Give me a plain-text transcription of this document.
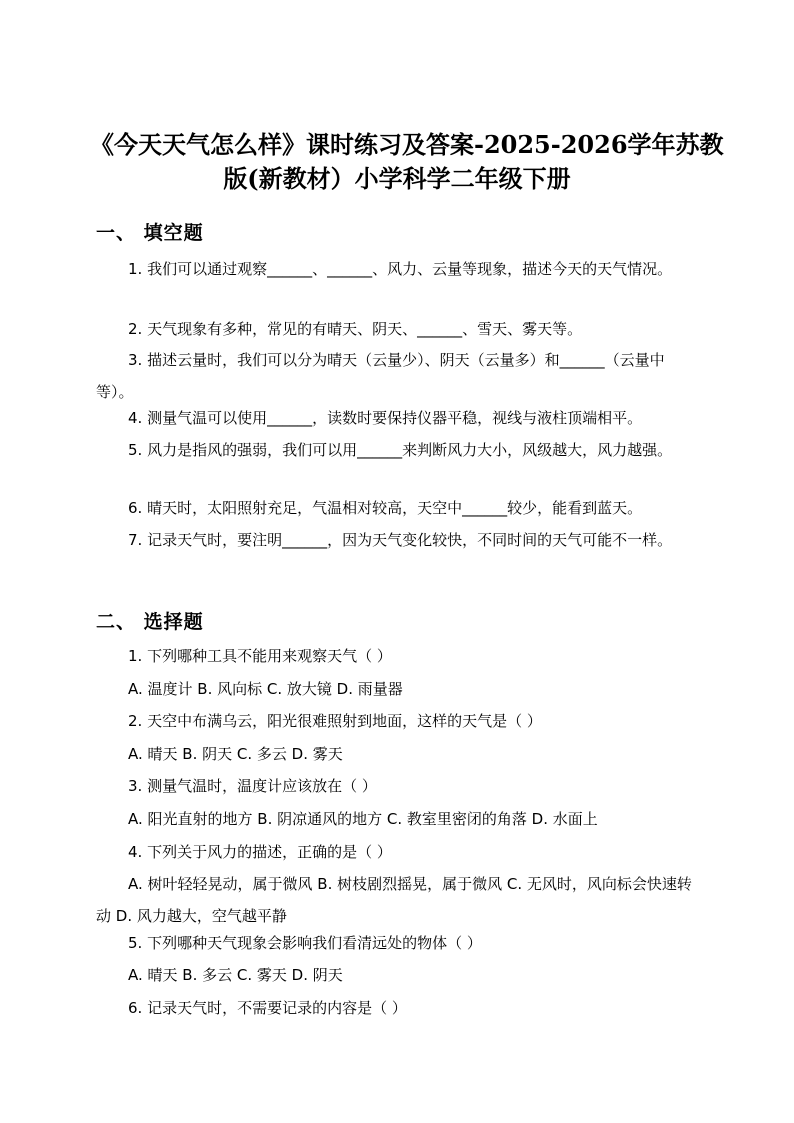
《今天天气怎么样》课时练习及答案-2025-2026学年苏教
版(新教材）小学科学二年级下册
一、 填空题
1. 我们可以通过观察______、______、风力、云量等现象，描述今天的天气情况。
2. 天气现象有多种，常见的有晴天、阴天、______、雪天、雾天等。
3. 描述云量时，我们可以分为晴天（云量少）、阴天（云量多）和______（云量中等）。
4. 测量气温可以使用______，读数时要保持仪器平稳，视线与液柱顶端相平。
5. 风力是指风的强弱，我们可以用______来判断风力大小，风级越大，风力越强。
6. 晴天时，太阳照射充足，气温相对较高，天空中______较少，能看到蓝天。
7. 记录天气时，要注明______，因为天气变化较快，不同时间的天气可能不一样。
二、 选择题
1. 下列哪种工具不能用来观察天气（ ）
A. 温度计 B. 风向标 C. 放大镜 D. 雨量器
2. 天空中布满乌云，阳光很难照射到地面，这样的天气是（ ）
A. 晴天 B. 阴天 C. 多云 D. 雾天
3. 测量气温时，温度计应该放在（ ）
A. 阳光直射的地方 B. 阴凉通风的地方 C. 教室里密闭的角落 D. 水面上
4. 下列关于风力的描述，正确的是（ ）
A. 树叶轻轻晃动，属于微风 B. 树枝剧烈摇晃，属于微风 C. 无风时，风向标会快速转动 D. 风力越大，空气越平静
5. 下列哪种天气现象会影响我们看清远处的物体（ ）
A. 晴天 B. 多云 C. 雾天 D. 阴天
6. 记录天气时，不需要记录的内容是（ ）
